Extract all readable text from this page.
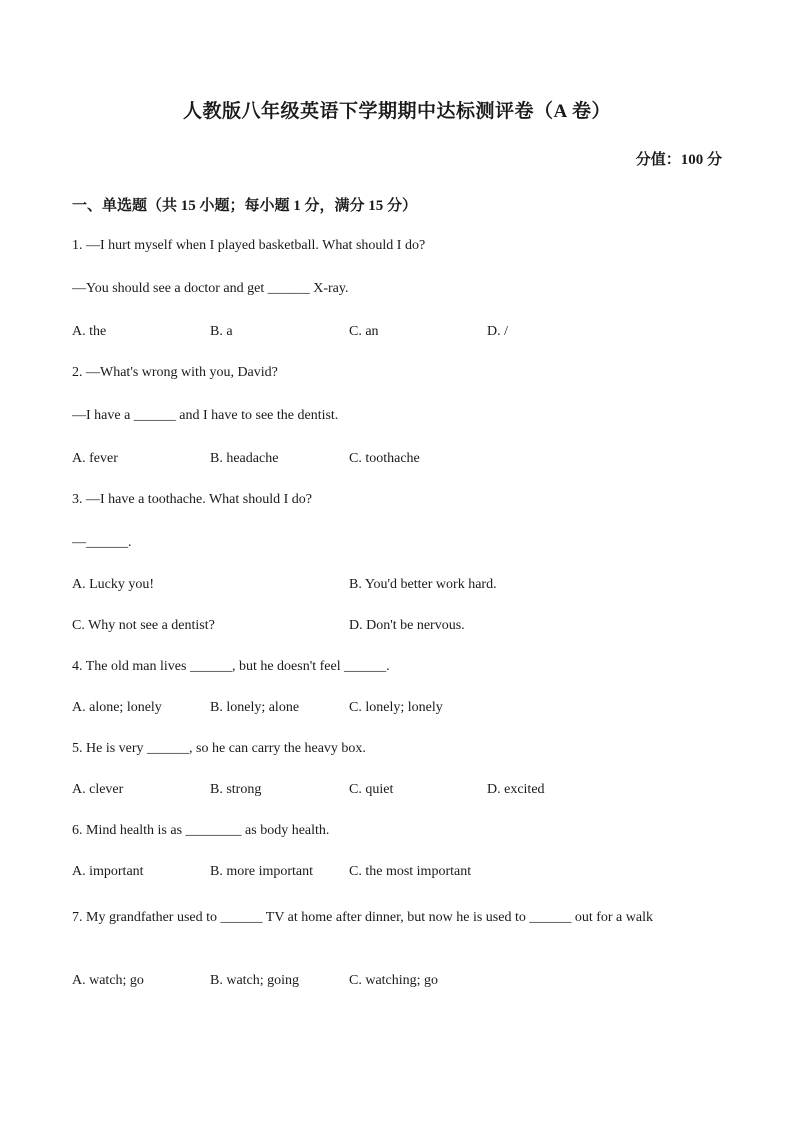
人教版八年级英语下学期期中达标测评卷（A 卷）
分值：100 分
一、单选题（共 15 小题；每小题 1 分，满分 15 分）
1. —I hurt myself when I played basketball. What should I do?
—You should see a doctor and get ______ X-ray.
A. the	B. a	C. an	D. /
2. —What's wrong with you, David?
—I have a ______ and I have to see the dentist.
A. fever	B. headache	C. toothache
3. —I have a toothache. What should I do?
—______.
A. Lucky you!	B. You'd better work hard.
C. Why not see a dentist?	D. Don't be nervous.
4. The old man lives ______, but he doesn't feel ______.
A. alone; lonely	B. lonely; alone	C. lonely; lonely
5. He is very ______, so he can carry the heavy box.
A. clever	B. strong	C. quiet	D. excited
6. Mind health is as ________ as body health.
A. important	B. more important	C. the most important
7. My grandfather used to ______ TV at home after dinner, but now he is used to ______ out for a walk
A. watch; go	B. watch; going	C. watching; go
